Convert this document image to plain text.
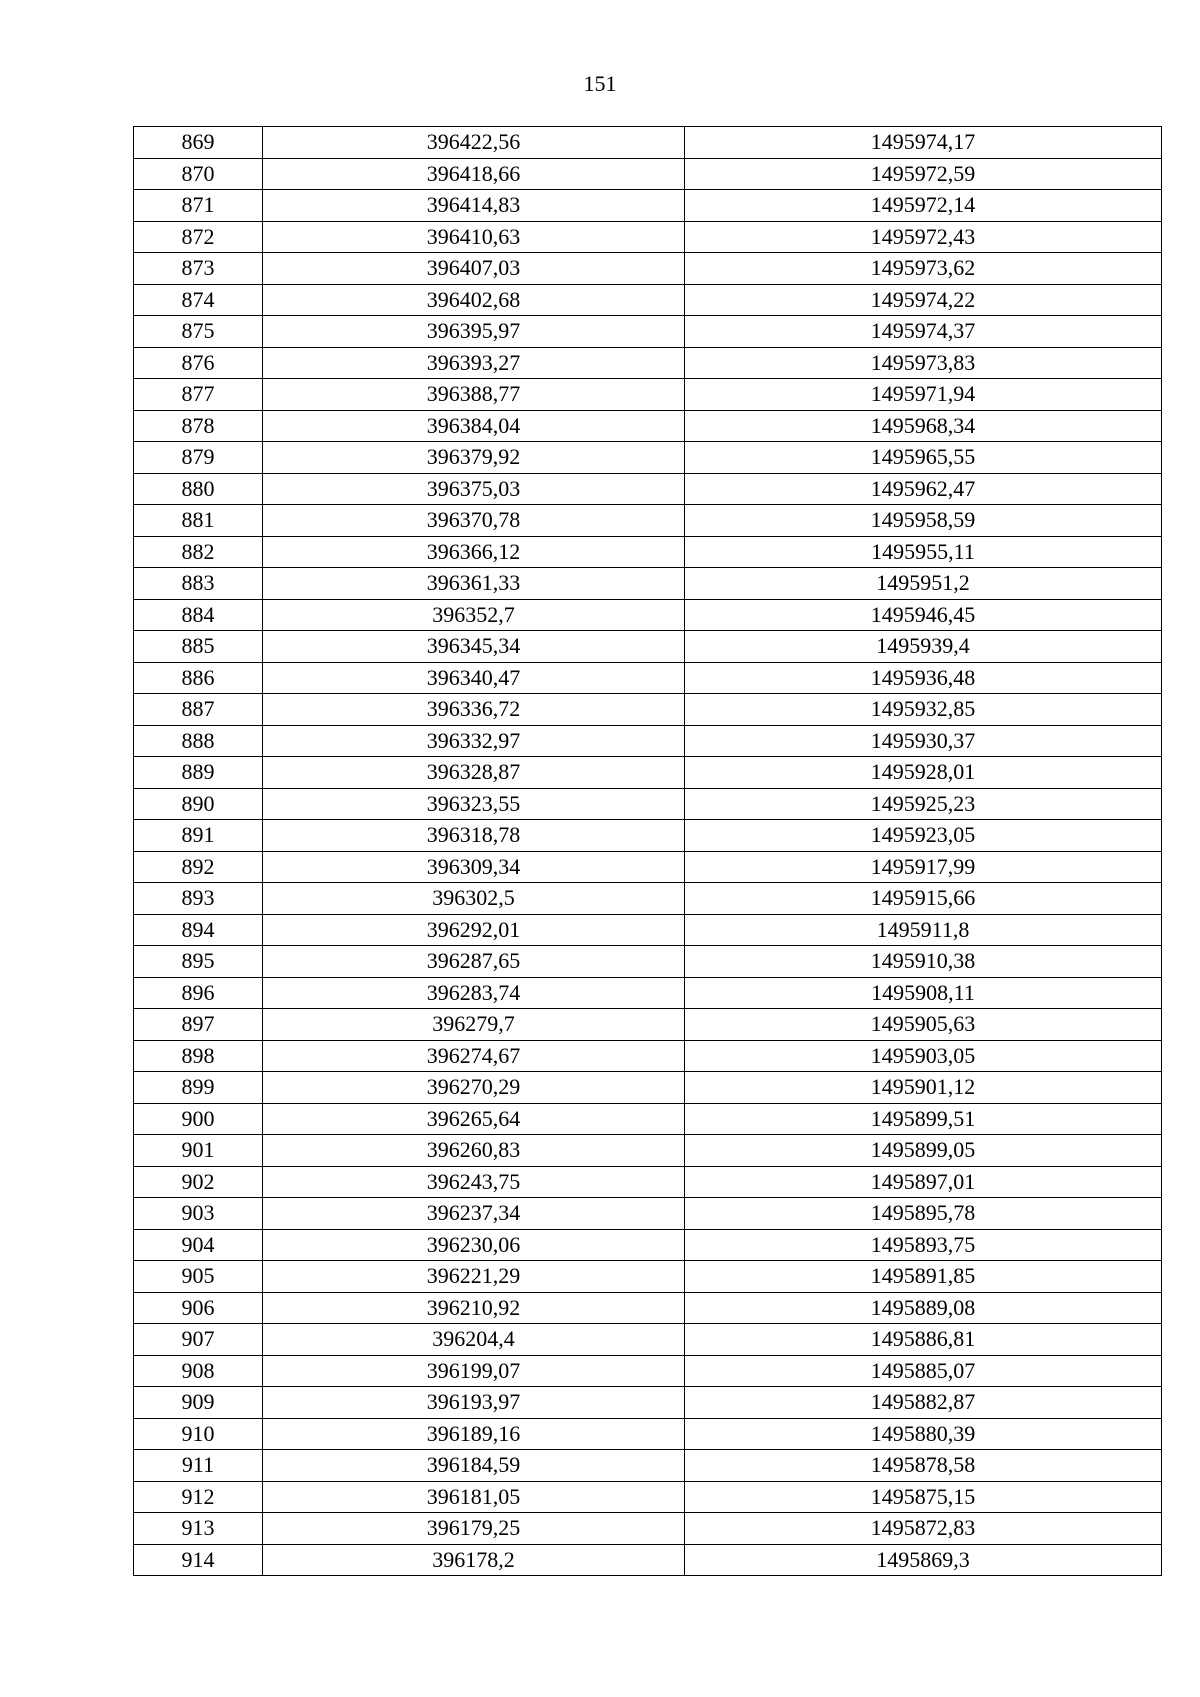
151
869	396422,56	1495974,17
870	396418,66	1495972,59
871	396414,83	1495972,14
872	396410,63	1495972,43
873	396407,03	1495973,62
874	396402,68	1495974,22
875	396395,97	1495974,37
876	396393,27	1495973,83
877	396388,77	1495971,94
878	396384,04	1495968,34
879	396379,92	1495965,55
880	396375,03	1495962,47
881	396370,78	1495958,59
882	396366,12	1495955,11
883	396361,33	1495951,2
884	396352,7	1495946,45
885	396345,34	1495939,4
886	396340,47	1495936,48
887	396336,72	1495932,85
888	396332,97	1495930,37
889	396328,87	1495928,01
890	396323,55	1495925,23
891	396318,78	1495923,05
892	396309,34	1495917,99
893	396302,5	1495915,66
894	396292,01	1495911,8
895	396287,65	1495910,38
896	396283,74	1495908,11
897	396279,7	1495905,63
898	396274,67	1495903,05
899	396270,29	1495901,12
900	396265,64	1495899,51
901	396260,83	1495899,05
902	396243,75	1495897,01
903	396237,34	1495895,78
904	396230,06	1495893,75
905	396221,29	1495891,85
906	396210,92	1495889,08
907	396204,4	1495886,81
908	396199,07	1495885,07
909	396193,97	1495882,87
910	396189,16	1495880,39
911	396184,59	1495878,58
912	396181,05	1495875,15
913	396179,25	1495872,83
914	396178,2	1495869,3
